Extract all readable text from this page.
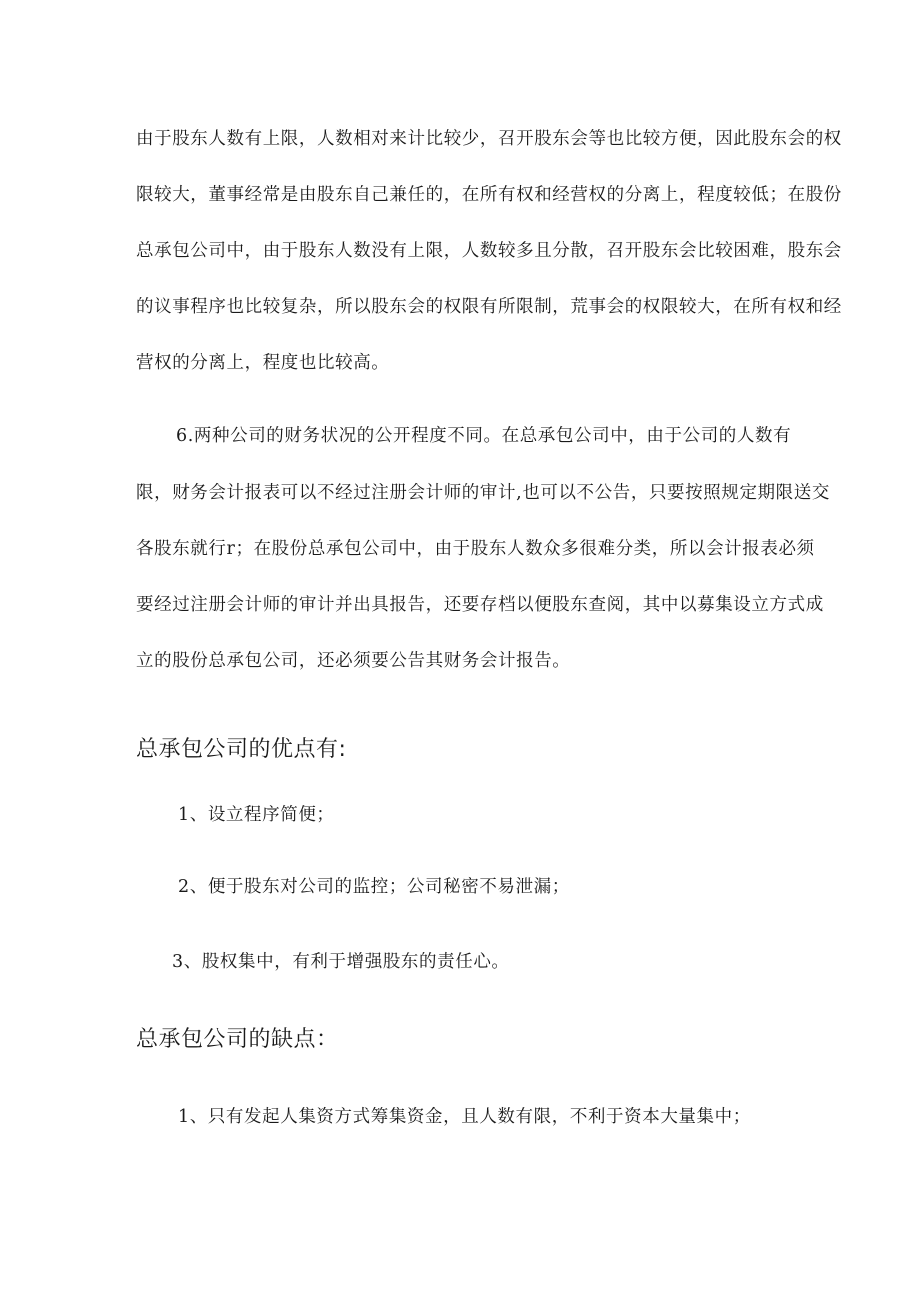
由于股东人数有上限，人数相对来计比较少，召开股东会等也比较方便，因此股东会的权
限较大，董事经常是由股东自己兼任的，在所有权和经营权的分离上，程度较低；在股份
总承包公司中，由于股东人数没有上限，人数较多且分散，召开股东会比较困难，股东会
的议事程序也比较复杂，所以股东会的权限有所限制，荒事会的权限较大，在所有权和经
营权的分离上，程度也比较高。
6.两种公司的财务状况的公开程度不同。在总承包公司中，由于公司的人数有
限，财务会计报表可以不经过注册会计师的审计,也可以不公告，只要按照规定期限送交
各股东就行r；在股份总承包公司中，由于股东人数众多很难分类，所以会计报表必须
要经过注册会计师的审计并出具报告，还要存档以便股东查阅，其中以募集设立方式成
立的股份总承包公司，还必须要公告其财务会计报告。
总承包公司的优点有:
1、设立程序简便；
2、便于股东对公司的监控；公司秘密不易泄漏；
3、股权集中，有利于增强股东的责任心。
总承包公司的缺点：
1、只有发起人集资方式筹集资金，且人数有限，不利于资本大量集中；
